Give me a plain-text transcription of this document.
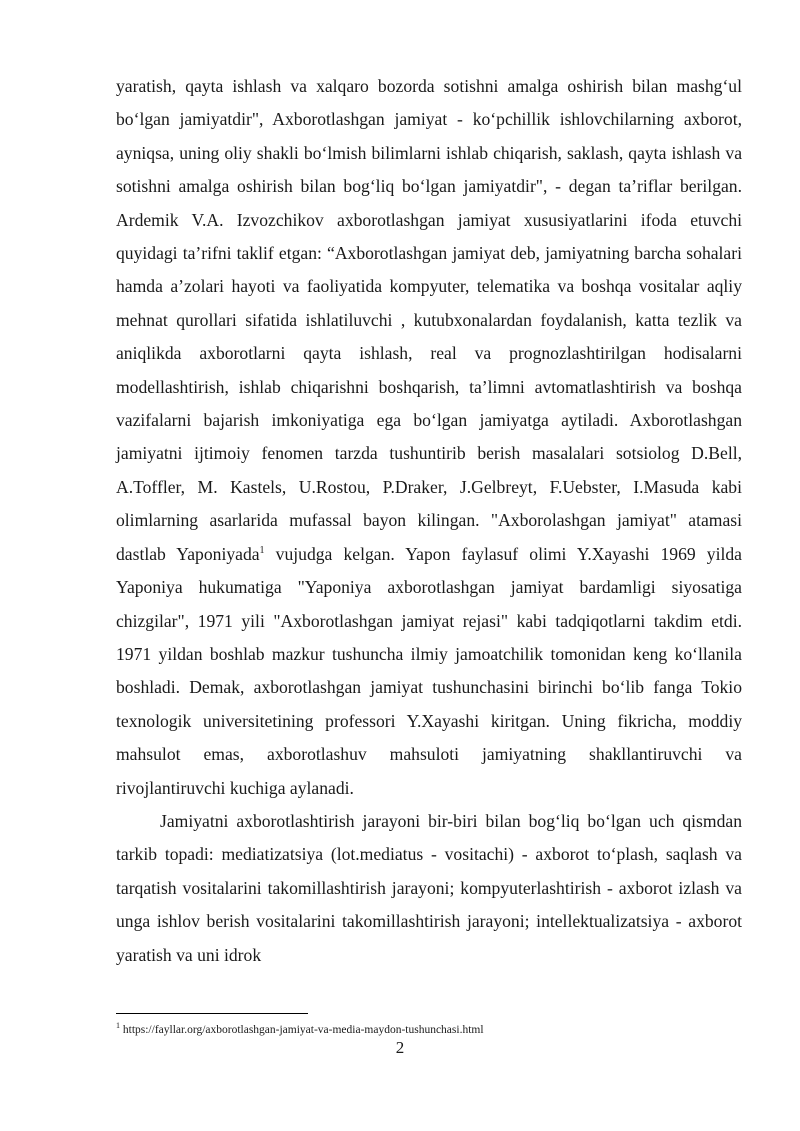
yaratish, qayta ishlash va xalqaro bozorda sotishni amalga oshirish bilan mashg‘ul bo‘lgan jamiyatdir", Axborotlashgan jamiyat - ko‘pchillik ishlovchilarning axborot, ayniqsa, uning oliy shakli bo‘lmish bilimlarni ishlab chiqarish, saklash, qayta ishlash va sotishni amalga oshirish bilan bog‘liq bo‘lgan jamiyatdir", - degan ta’riflar berilgan. Ardemik V.A. Izvozchikov axborotlashgan jamiyat xususiyatlarini ifoda etuvchi quyidagi ta’rifni taklif etgan: “Axborotlashgan jamiyat deb, jamiyatning barcha sohalari hamda a’zolari hayoti va faoliyatida kompyuter, telematika va boshqa vositalar aqliy mehnat qurollari sifatida ishlatiluvchi , kutubxonalardan foydalanish, katta tezlik va aniqlikda axborotlarni qayta ishlash, real va prognozlashtirilgan hodisalarni modellashtirish, ishlab chiqarishni boshqarish, ta’limni avtomatlashtirish va boshqa vazifalarni bajarish imkoniyatiga ega bo‘lgan jamiyatga aytiladi. Axborotlashgan jamiyatni ijtimoiy fenomen tarzda tushuntirib berish masalalari sotsiolog D.Bell, A.Toffler, M. Kastels, U.Rostou, P.Draker, J.Gelbreyt, F.Uebster, I.Masuda kabi olimlarning asarlarida mufassal bayon kilingan. "Axborolashgan jamiyat" atamasi dastlab Yaponiyada$^1$ vujudga kelgan. Yapon faylasuf olimi Y.Xayashi 1969 yilda Yaponiya hukumatiga "Yaponiya axborotlashgan jamiyat bardamligi siyosatiga chizgilar", 1971 yili "Axborotlashgan jamiyat rejasi" kabi tadqiqotlarni takdim etdi. 1971 yildan boshlab mazkur tushuncha ilmiy jamoatchilik tomonidan keng ko‘llanila boshladi. Demak, axborotlashgan jamiyat tushunchasini birinchi bo‘lib fanga Tokio texnologik universitetining professori Y.Xayashi kiritgan. Uning fikricha, moddiy mahsulot emas, axborotlashuv mahsuloti jamiyatning shakllantiruvchi va rivojlantiruvchi kuchiga aylanadi.

Jamiyatni axborotlashtirish jarayoni bir-biri bilan bog‘liq bo‘lgan uch qismdan tarkib topadi: mediatizatsiya (lot.mediatus - vositachi) - axborot to‘plash, saqlash va tarqatish vositalarini takomillashtirish jarayoni; kompyuterlashtirish - axborot izlash va unga ishlov berish vositalarini takomillashtirish jarayoni; intellektualizatsiya - axborot yaratish va uni idrok

$^1$ https://fayllar.org/axborotlashgan-jamiyat-va-media-maydon-tushunchasi.html

2
